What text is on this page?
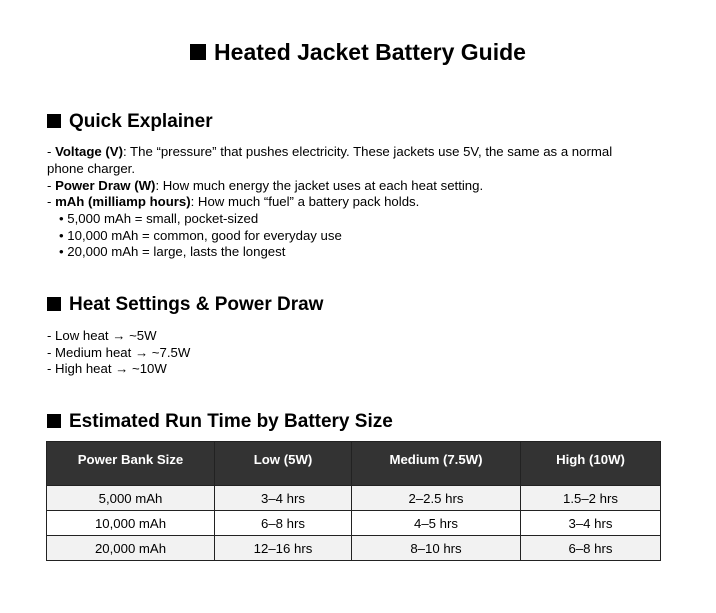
Heated Jacket Battery Guide
Quick Explainer
- Voltage (V): The “pressure” that pushes electricity. These jackets use 5V, the same as a normal
phone charger.
- Power Draw (W): How much energy the jacket uses at each heat setting.
- mAh (milliamp hours): How much “fuel” a battery pack holds.
• 5,000 mAh = small, pocket-sized
• 10,000 mAh = common, good for everyday use
• 20,000 mAh = large, lasts the longest
Heat Settings & Power Draw
- Low heat → ~5W
- Medium heat → ~7.5W
- High heat → ~10W
Estimated Run Time by Battery Size
Power Bank Size	Low (5W)	Medium (7.5W)	High (10W)
5,000 mAh	3–4 hrs	2–2.5 hrs	1.5–2 hrs
10,000 mAh	6–8 hrs	4–5 hrs	3–4 hrs
20,000 mAh	12–16 hrs	8–10 hrs	6–8 hrs
